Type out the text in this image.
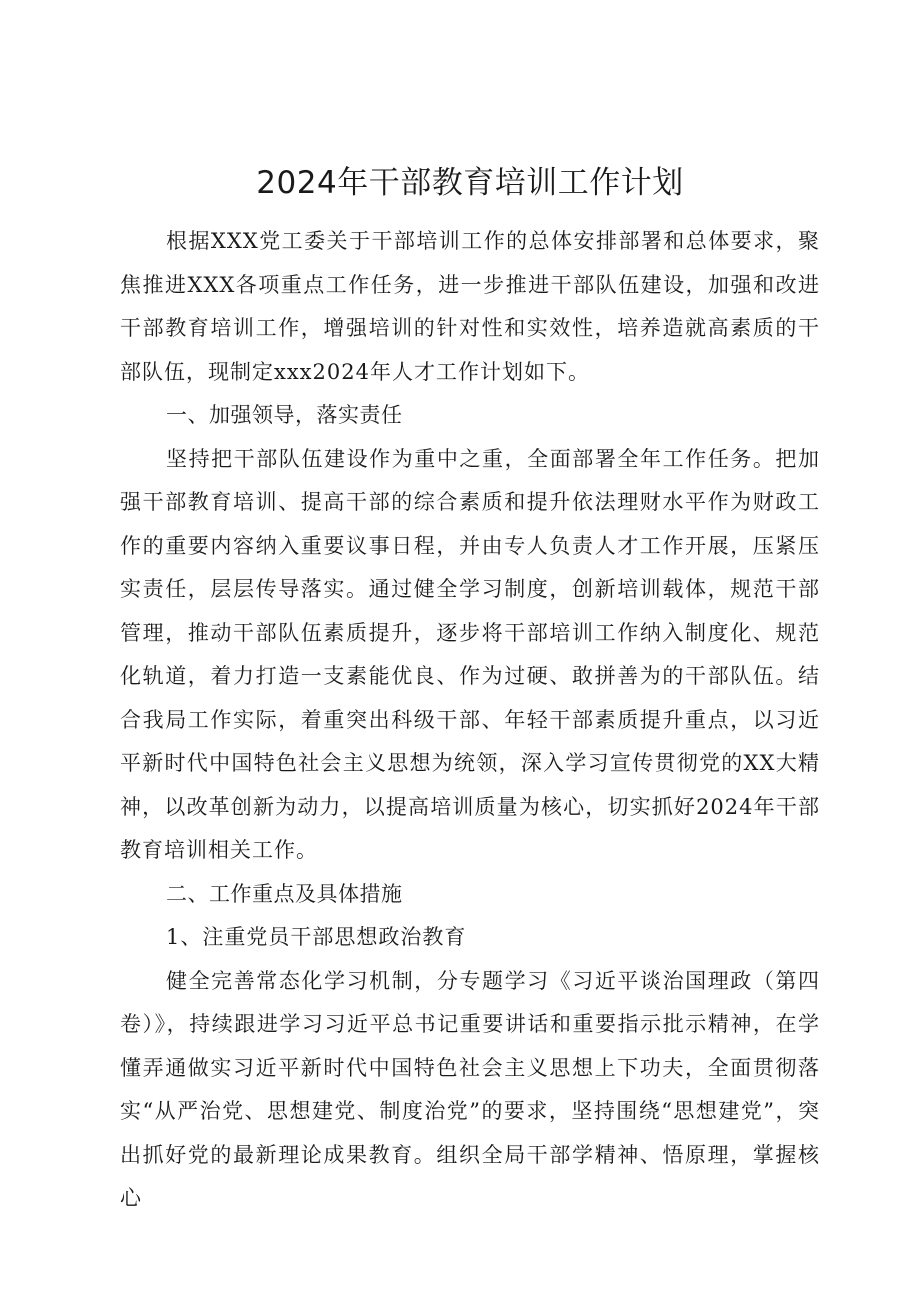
2024年干部教育培训工作计划

根据XXX党工委关于干部培训工作的总体安排部署和总体要求，聚焦推进XXX各项重点工作任务，进一步推进干部队伍建设，加强和改进干部教育培训工作，增强培训的针对性和实效性，培养造就高素质的干部队伍，现制定xxx2024年人才工作计划如下。

一、加强领导，落实责任

坚持把干部队伍建设作为重中之重，全面部署全年工作任务。把加强干部教育培训、提高干部的综合素质和提升依法理财水平作为财政工作的重要内容纳入重要议事日程，并由专人负责人才工作开展，压紧压实责任，层层传导落实。通过健全学习制度，创新培训载体，规范干部管理，推动干部队伍素质提升，逐步将干部培训工作纳入制度化、规范化轨道，着力打造一支素能优良、作为过硬、敢拼善为的干部队伍。结合我局工作实际，着重突出科级干部、年轻干部素质提升重点，以习近平新时代中国特色社会主义思想为统领，深入学习宣传贯彻党的XX大精神，以改革创新为动力，以提高培训质量为核心，切实抓好2024年干部教育培训相关工作。

二、工作重点及具体措施

1、注重党员干部思想政治教育

健全完善常态化学习机制，分专题学习《习近平谈治国理政（第四卷）》，持续跟进学习习近平总书记重要讲话和重要指示批示精神，在学懂弄通做实习近平新时代中国特色社会主义思想上下功夫，全面贯彻落实“从严治党、思想建党、制度治党”的要求，坚持围绕“思想建党”，突出抓好党的最新理论成果教育。组织全局干部学精神、悟原理，掌握核心
